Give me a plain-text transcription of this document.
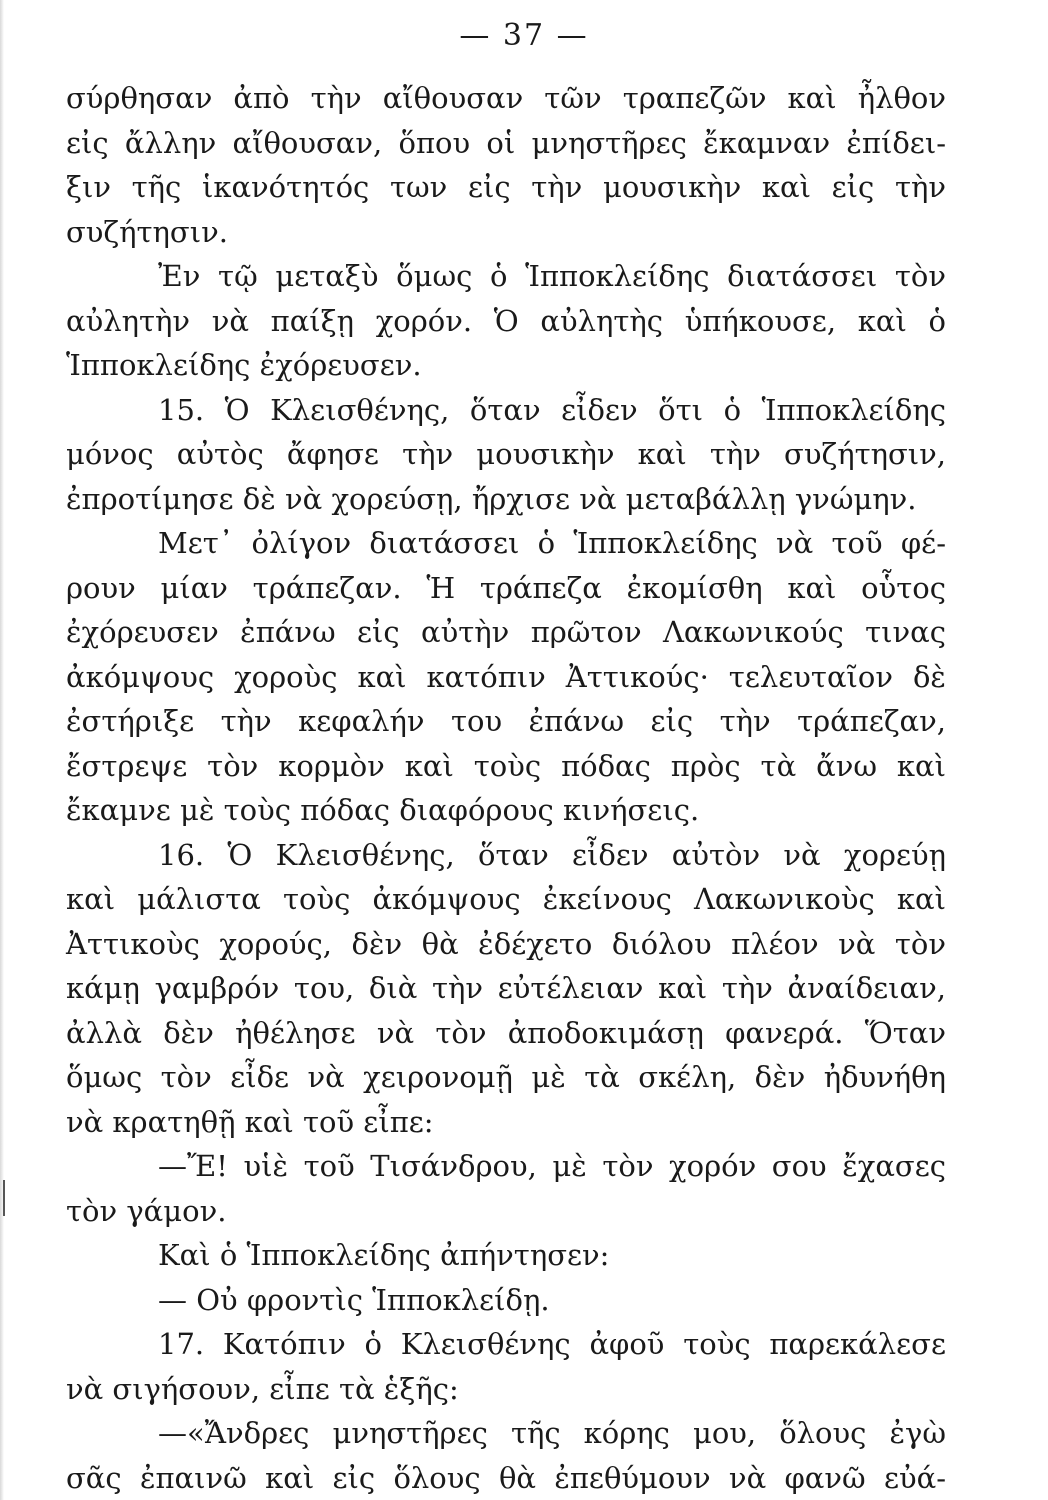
— 37 —
σύρθησαν ἀπὸ τὴν αἴθουσαν τῶν τραπεζῶν καὶ ἦλθον
εἰς ἄλλην αἴθουσαν, ὅπου οἱ μνηστῆρες ἔκαμναν ἐπίδει-
ξιν τῆς ἱκανότητός των εἰς τὴν μουσικὴν καὶ εἰς τὴν
συζήτησιν.
Ἐν τῷ μεταξὺ ὅμως ὁ Ἱπποκλείδης διατάσσει τὸν
αὐλητὴν νὰ παίξῃ χορόν. Ὁ αὐλητὴς ὑπήκουσε, καὶ ὁ
Ἱπποκλείδης ἐχόρευσεν.
15. Ὁ Κλεισθένης, ὅταν εἶδεν ὅτι ὁ Ἱπποκλείδης
μόνος αὐτὸς ἄφησε τὴν μουσικὴν καὶ τὴν συζήτησιν,
ἐπροτίμησε δὲ νὰ χορεύσῃ, ἤρχισε νὰ μεταβάλλῃ γνώμην.
Μετ᾽ ὀλίγον διατάσσει ὁ Ἱπποκλείδης νὰ τοῦ φέ-
ρουν μίαν τράπεζαν. Ἡ τράπεζα ἐκομίσθη καὶ οὗτος
ἐχόρευσεν ἐπάνω εἰς αὐτὴν πρῶτον Λακωνικούς τινας
ἀκόμψους χοροὺς καὶ κατόπιν Ἀττικούς· τελευταῖον δὲ
ἐστήριξε τὴν κεφαλήν του ἐπάνω εἰς τὴν τράπεζαν,
ἔστρεψε τὸν κορμὸν καὶ τοὺς πόδας πρὸς τὰ ἄνω καὶ
ἔκαμνε μὲ τοὺς πόδας διαφόρους κινήσεις.
16. Ὁ Κλεισθένης, ὅταν εἶδεν αὐτὸν νὰ χορεύῃ
καὶ μάλιστα τοὺς ἀκόμψους ἐκείνους Λακωνικοὺς καὶ
Ἀττικοὺς χορούς, δὲν θὰ ἐδέχετο διόλου πλέον νὰ τὸν
κάμῃ γαμβρόν του, διὰ τὴν εὐτέλειαν καὶ τὴν ἀναίδειαν,
ἀλλὰ δὲν ἠθέλησε νὰ τὸν ἀποδοκιμάσῃ φανερά. Ὅταν
ὅμως τὸν εἶδε νὰ χειρονομῇ μὲ τὰ σκέλη, δὲν ἠδυνήθη
νὰ κρατηθῇ καὶ τοῦ εἶπε:
—Ἔ! υἱὲ τοῦ Τισάνδρου, μὲ τὸν χορόν σου ἔχασες
τὸν γάμον.
Καὶ ὁ Ἱπποκλείδης ἀπήντησεν:
— Οὐ φροντὶς Ἱπποκλείδῃ.
17. Κατόπιν ὁ Κλεισθένης ἀφοῦ τοὺς παρεκάλεσε
νὰ σιγήσουν, εἶπε τὰ ἑξῆς:
—«Ἄνδρες μνηστῆρες τῆς κόρης μου, ὅλους ἐγὼ
σᾶς ἐπαινῶ καὶ εἰς ὅλους θὰ ἐπεθύμουν νὰ φανῶ εὐά-
